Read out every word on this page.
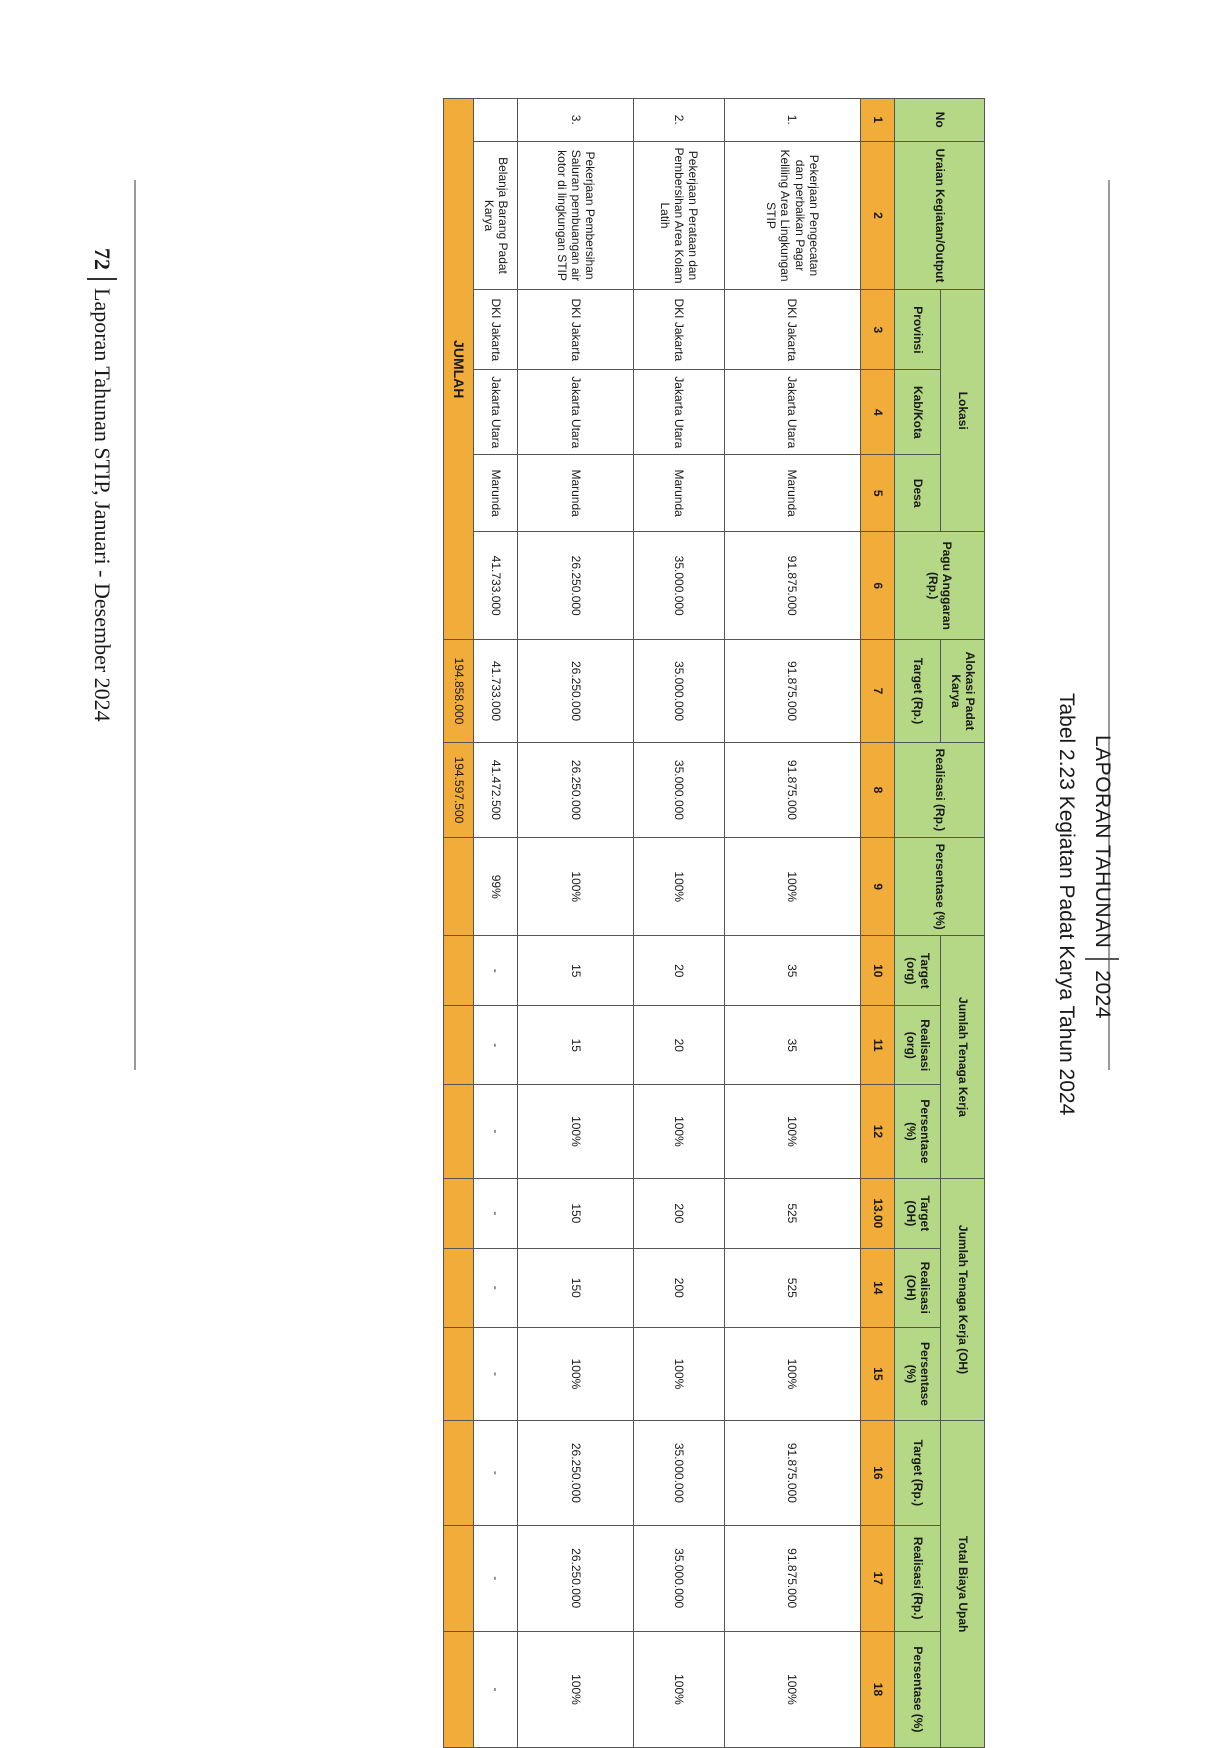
LAPORAN TAHUNAN
2024
Tabel 2.23 Kegiatan Padat Karya Tahun 2024
72
Laporan Tahunan STIP, Januari - Desember 2024
No	Uraian Kegiatan/Output	Lokasi			Pagu Anggaran (Rp.)	Alokasi Padat Karya	Realisasi (Rp.)	Persentase (%)	Jumlah Tenaga Kerja			Jumlah Tenaga Kerja (OH)			Total Biaya Upah		
		Provinsi	Kab/Kota	Desa		Target (Rp.)			Target (org)	Realisasi (org)	Persentase (%)	Target (OH)	Realisasi (OH)	Persentase (%)	Target (Rp.)	Realisasi (Rp.)	Persentase (%)
1	2	3	4	5	6	7	8	9	10	11	12	13.00	14	15	16	17	18
1.	Pekerjaan Pengecatan dan perbaikan Pagar Keliling Area Lingkungan STIP	DKI Jakarta	Jakarta Utara	Marunda	91.875.000	91.875.000	91.875.000	100%	35	35	100%	525	525	100%	91.875.000	91.875.000	100%
2.	Pekerjaan Perataan dan Pembersihan Area Kolam Latih	DKI Jakarta	Jakarta Utara	Marunda	35.000.000	35.000.000	35.000.000	100%	20	20	100%	200	200	100%	35.000.000	35.000.000	100%
3.	Pekerjaan Pembersihan Saluran pembuangan air kotor di lingkungan STIP	DKI Jakarta	Jakarta Utara	Marunda	26.250.000	26.250.000	26.250.000	100%	15	15	100%	150	150	100%	26.250.000	26.250.000	100%
	Belanja Barang Padat Karya	DKI Jakarta	Jakarta Utara	Marunda	41.733.000	41.733.000	41.472.500	99%	-	-	-	-	-	-	-	-	-
JUMLAH						194.858.000	194.597.500										
